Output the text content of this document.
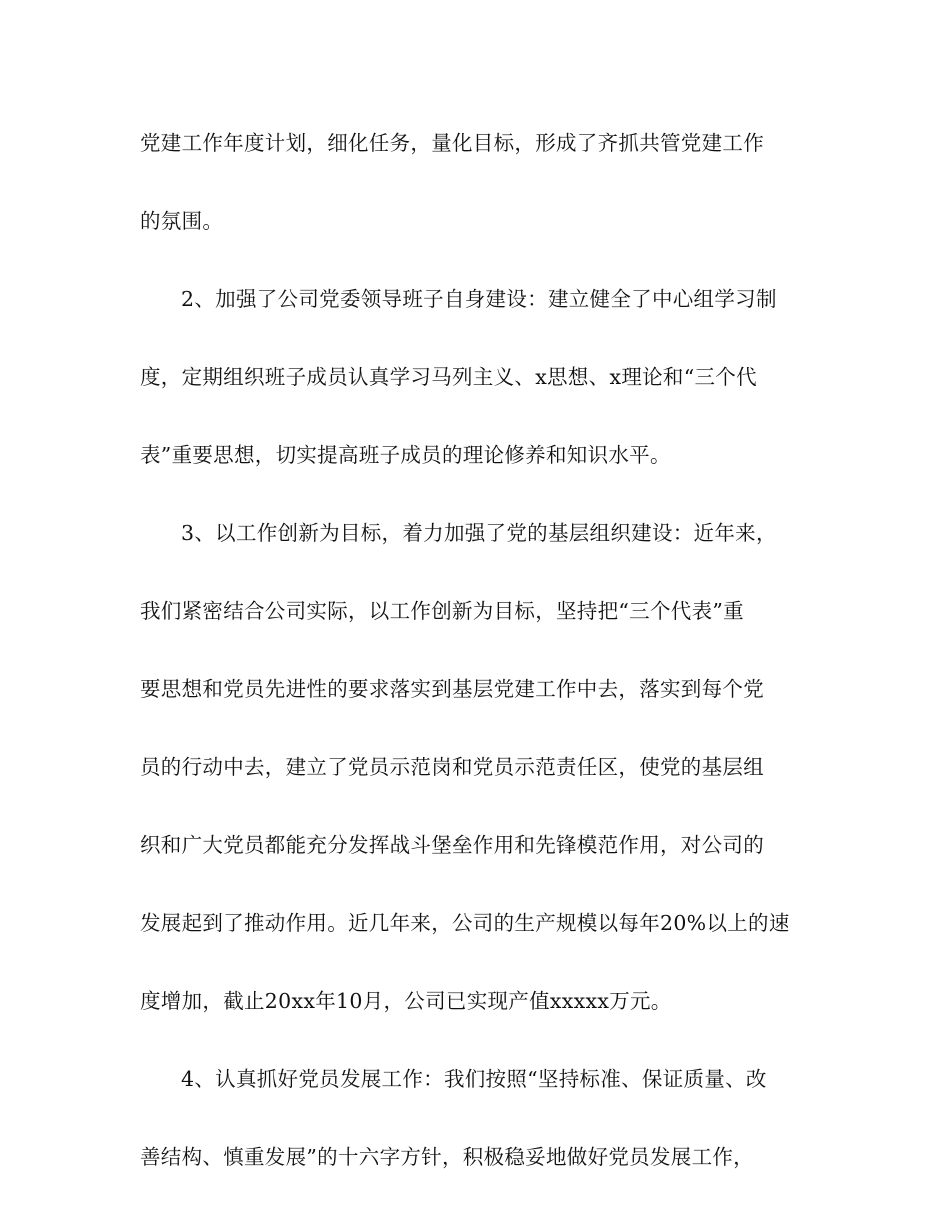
党建工作年度计划，细化任务，量化目标，形成了齐抓共管党建工作
的氛围。
2、加强了公司党委领导班子自身建设：建立健全了中心组学习制
度，定期组织班子成员认真学习马列主义、x思想、x理论和“三个代
表”重要思想，切实提高班子成员的理论修养和知识水平。
3、以工作创新为目标，着力加强了党的基层组织建设：近年来，
我们紧密结合公司实际，以工作创新为目标，坚持把“三个代表”重
要思想和党员先进性的要求落实到基层党建工作中去，落实到每个党
员的行动中去，建立了党员示范岗和党员示范责任区，使党的基层组
织和广大党员都能充分发挥战斗堡垒作用和先锋模范作用，对公司的
发展起到了推动作用。近几年来，公司的生产规模以每年20%以上的速
度增加，截止20xx年10月，公司已实现产值xxxxx万元。
4、认真抓好党员发展工作：我们按照“坚持标准、保证质量、改
善结构、慎重发展”的十六字方针，积极稳妥地做好党员发展工作，
